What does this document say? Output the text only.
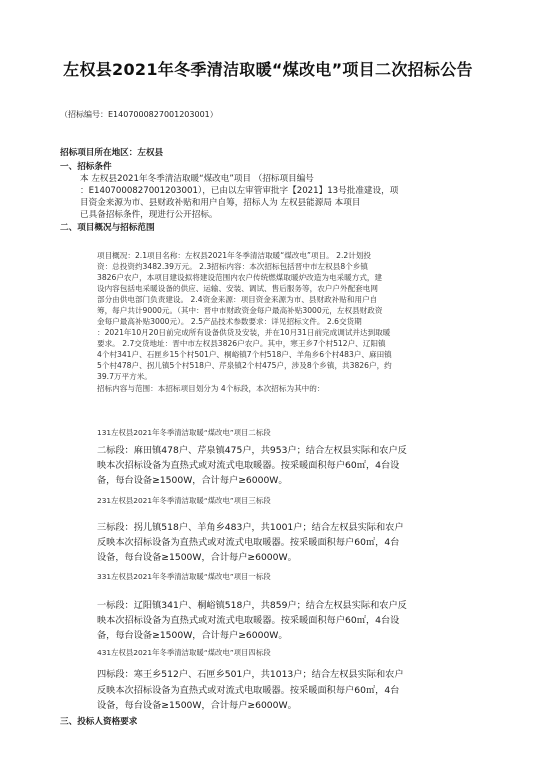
左权县2021年冬季清洁取暖“煤改电”项目二次招标公告
（招标编号：E1407000827001203001）
招标项目所在地区：左权县
一、招标条件
本 左权县2021年冬季清洁取暖“煤改电”项目 （招标项目编号
：E1407000827001203001），已由以左审管审批字【2021】13号批准建设，项
目资金来源为市、县财政补贴和用户自筹，招标人为 左权县能源局 本项目
已具备招标条件，现进行公开招标。
二、项目概况与招标范围
项目概况：2.1项目名称：左权县2021年冬季清洁取暖“煤改电”项目。 2.2计划投
资：总投资约3482.39万元。 2.3招标内容：本次招标包括晋中市左权县8个乡镇
3826户农户，本项目建设拟将建设范围内农户传统燃煤取暖炉改造为电采暖方式，建
设内容包括电采暖设备的供应、运输、安装、调试、售后服务等，农户户外配套电网
部分由供电部门负责建设。 2.4资金来源：项目资金来源为市、县财政补贴和用户自
筹，每户共计9000元。（其中：晋中市财政资金每户最高补贴3000元，左权县财政资
金每户最高补贴3000元）。 2.5产品技术参数要求：详见招标文件。 2.6交货期
：2021年10月20日前完成所有设备供货及安装，并在10月31日前完成调试并达到取暖
要求。 2.7交货地址：晋中市左权县3826户农户。其中，寒王乡7个村512户、辽阳镇
4个村341户、石匣乡15个村501户、桐峪镇7个村518户、羊角乡6个村483户、麻田镇
5个村478户、拐儿镇5个村518户、芹泉镇2个村475户，涉及8个乡镇，共3826户，约
39.7万平方米。
招标内容与范围：本招标项目划分为 4个标段，本次招标为其中的：
131左权县2021年冬季清洁取暖“煤改电”项目二标段
二标段：麻田镇478户、芹泉镇475户，共953户；结合左权县实际和农户反
映本次招标设备为直热式或对流式电取暖器。按采暖面积每户60㎡，4台设
备，每台设备≥1500W，合计每户≥6000W。
231左权县2021年冬季清洁取暖“煤改电”项目三标段
三标段：拐儿镇518户、羊角乡483户，共1001户；结合左权县实际和农户
反映本次招标设备为直热式或对流式电取暖器。按采暖面积每户60㎡，4台
设备，每台设备≥1500W，合计每户≥6000W。
331左权县2021年冬季清洁取暖“煤改电”项目一标段
一标段：辽阳镇341户、桐峪镇518户，共859户；结合左权县实际和农户反
映本次招标设备为直热式或对流式电取暖器。按采暖面积每户60㎡，4台设
备，每台设备≥1500W，合计每户≥6000W。
431左权县2021年冬季清洁取暖“煤改电”项目四标段
四标段：寒王乡512户、石匣乡501户，共1013户；结合左权县实际和农户
反映本次招标设备为直热式或对流式电取暖器。按采暖面积每户60㎡，4台
设备，每台设备≥1500W，合计每户≥6000W。
三、投标人资格要求
